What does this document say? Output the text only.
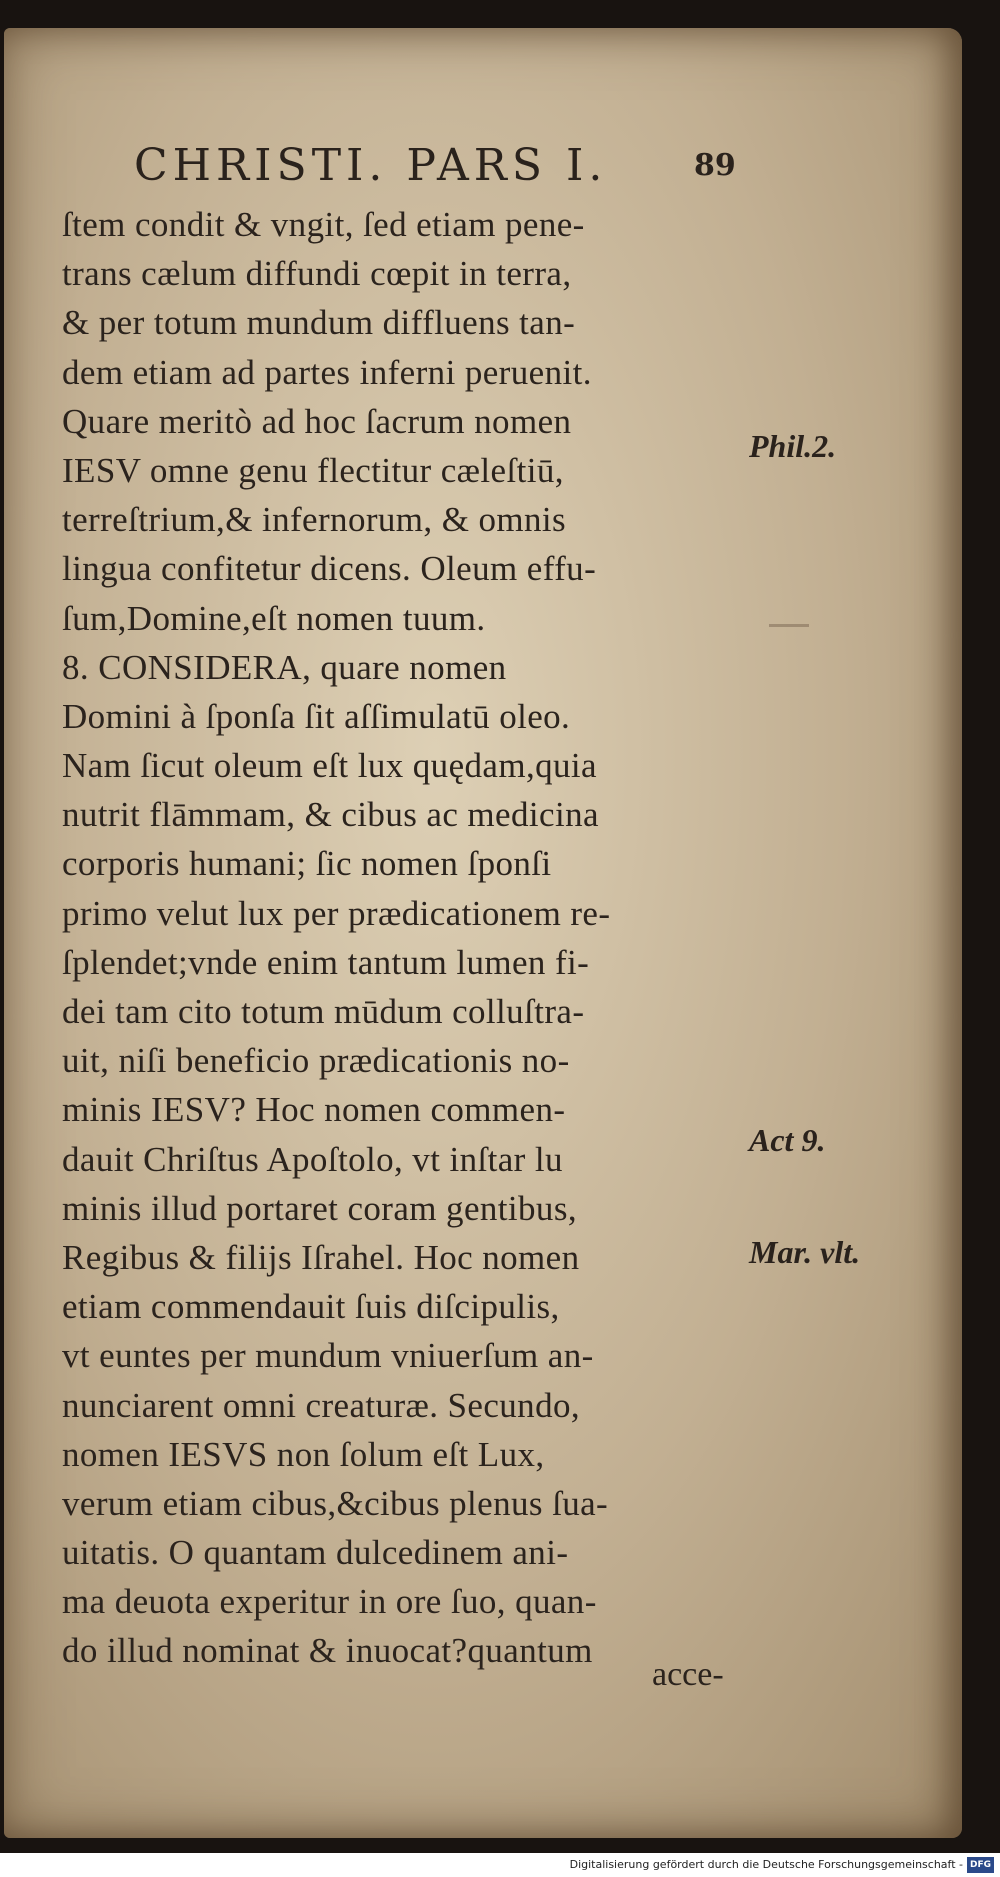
CHRISTI. PARS I.	89
ſtem condit & vngit, ſed etiam pene-
trans cælum diffundi cœpit in terra,
& per totum mundum diffluens tan-
dem etiam ad partes inferni peruenit.
Quare meritò ad hoc ſacrum nomen
IESV omne genu flectitur cæleſtiū,
terreſtrium,& infernorum, & omnis
lingua confitetur dicens. Oleum effu-
ſum,Domine,eſt nomen tuum.
8. CONSIDERA, quare nomen
Domini à ſponſa ſit aſſimulatū oleo.
Nam ſicut oleum eſt lux quędam,quia
nutrit flāmmam, & cibus ac medicina
corporis humani; ſic nomen ſponſi
primo velut lux per prædicationem re-
ſplendet;vnde enim tantum lumen fi-
dei tam cito totum mūdum colluſtra-
uit, niſi beneficio prædicationis no-
minis IESV? Hoc nomen commen-
dauit Chriſtus Apoſtolo, vt inſtar lu
minis illud portaret coram gentibus,
Regibus & filijs Iſrahel. Hoc nomen
etiam commendauit ſuis diſcipulis,
vt euntes per mundum vniuerſum an-
nunciarent omni creaturæ. Secundo,
nomen IESVS non ſolum eſt Lux,
verum etiam cibus,&cibus plenus ſua-
uitatis. O quantam dulcedinem ani-
ma deuota experitur in ore ſuo, quan-
do illud nominat & inuocat?quantum
acce-
Phil.2.
Act 9.
Mar. vlt.
Digitalisierung gefördert durch die Deutsche Forschungsgemeinschaft - DFG
